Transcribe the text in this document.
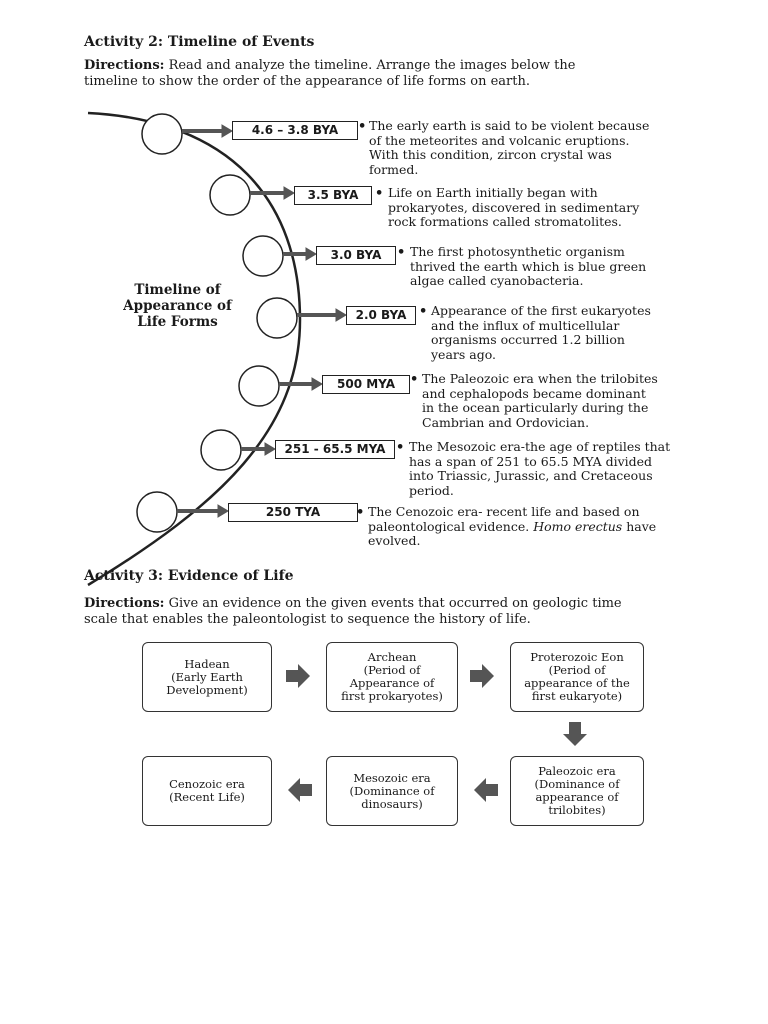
Activity 2: Timeline of Events
Directions: Read and analyze the timeline. Arrange the images below the
timeline to show the order of the appearance of life forms on earth.
Timeline of
Appearance of
Life Forms
4.6 – 3.8 BYA	• The early earth is said to be violent because
of the meteorites and volcanic eruptions.
With this condition, zircon crystal was
formed.
3.5 BYA	• Life on Earth initially began with
prokaryotes, discovered in sedimentary
rock formations called stromatolites.
3.0 BYA	• The first photosynthetic organism
thrived the earth which is blue green
algae called cyanobacteria.
2.0 BYA • Appearance of the first eukaryotes
and the influx of multicellular
organisms occurred 1.2 billion
years ago.
500 MYA	• The Paleozoic era when the trilobites
and cephalopods became dominant
in the ocean particularly during the
Cambrian and Ordovician.
251 - 65.5 MYA • The Mesozoic era-the age of reptiles that
has a span of 251 to 65.5 MYA divided
into Triassic, Jurassic, and Cretaceous
period.
250 TYA	• The Cenozoic era- recent life and based on
paleontological evidence. Homo erectus have
evolved.
Activity 3: Evidence of Life
Directions: Give an evidence on the given events that occurred on geologic time
scale that enables the paleontologist to sequence the history of life.
Hadean
(Early Earth
Development)
Archean
(Period of
Appearance of
first prokaryotes)
Proterozoic Eon
(Period of
appearance of the
first eukaryote)
Paleozoic era
(Dominance of
appearance of
trilobites)
Mesozoic era
(Dominance of
dinosaurs)
Cenozoic era
(Recent Life)
